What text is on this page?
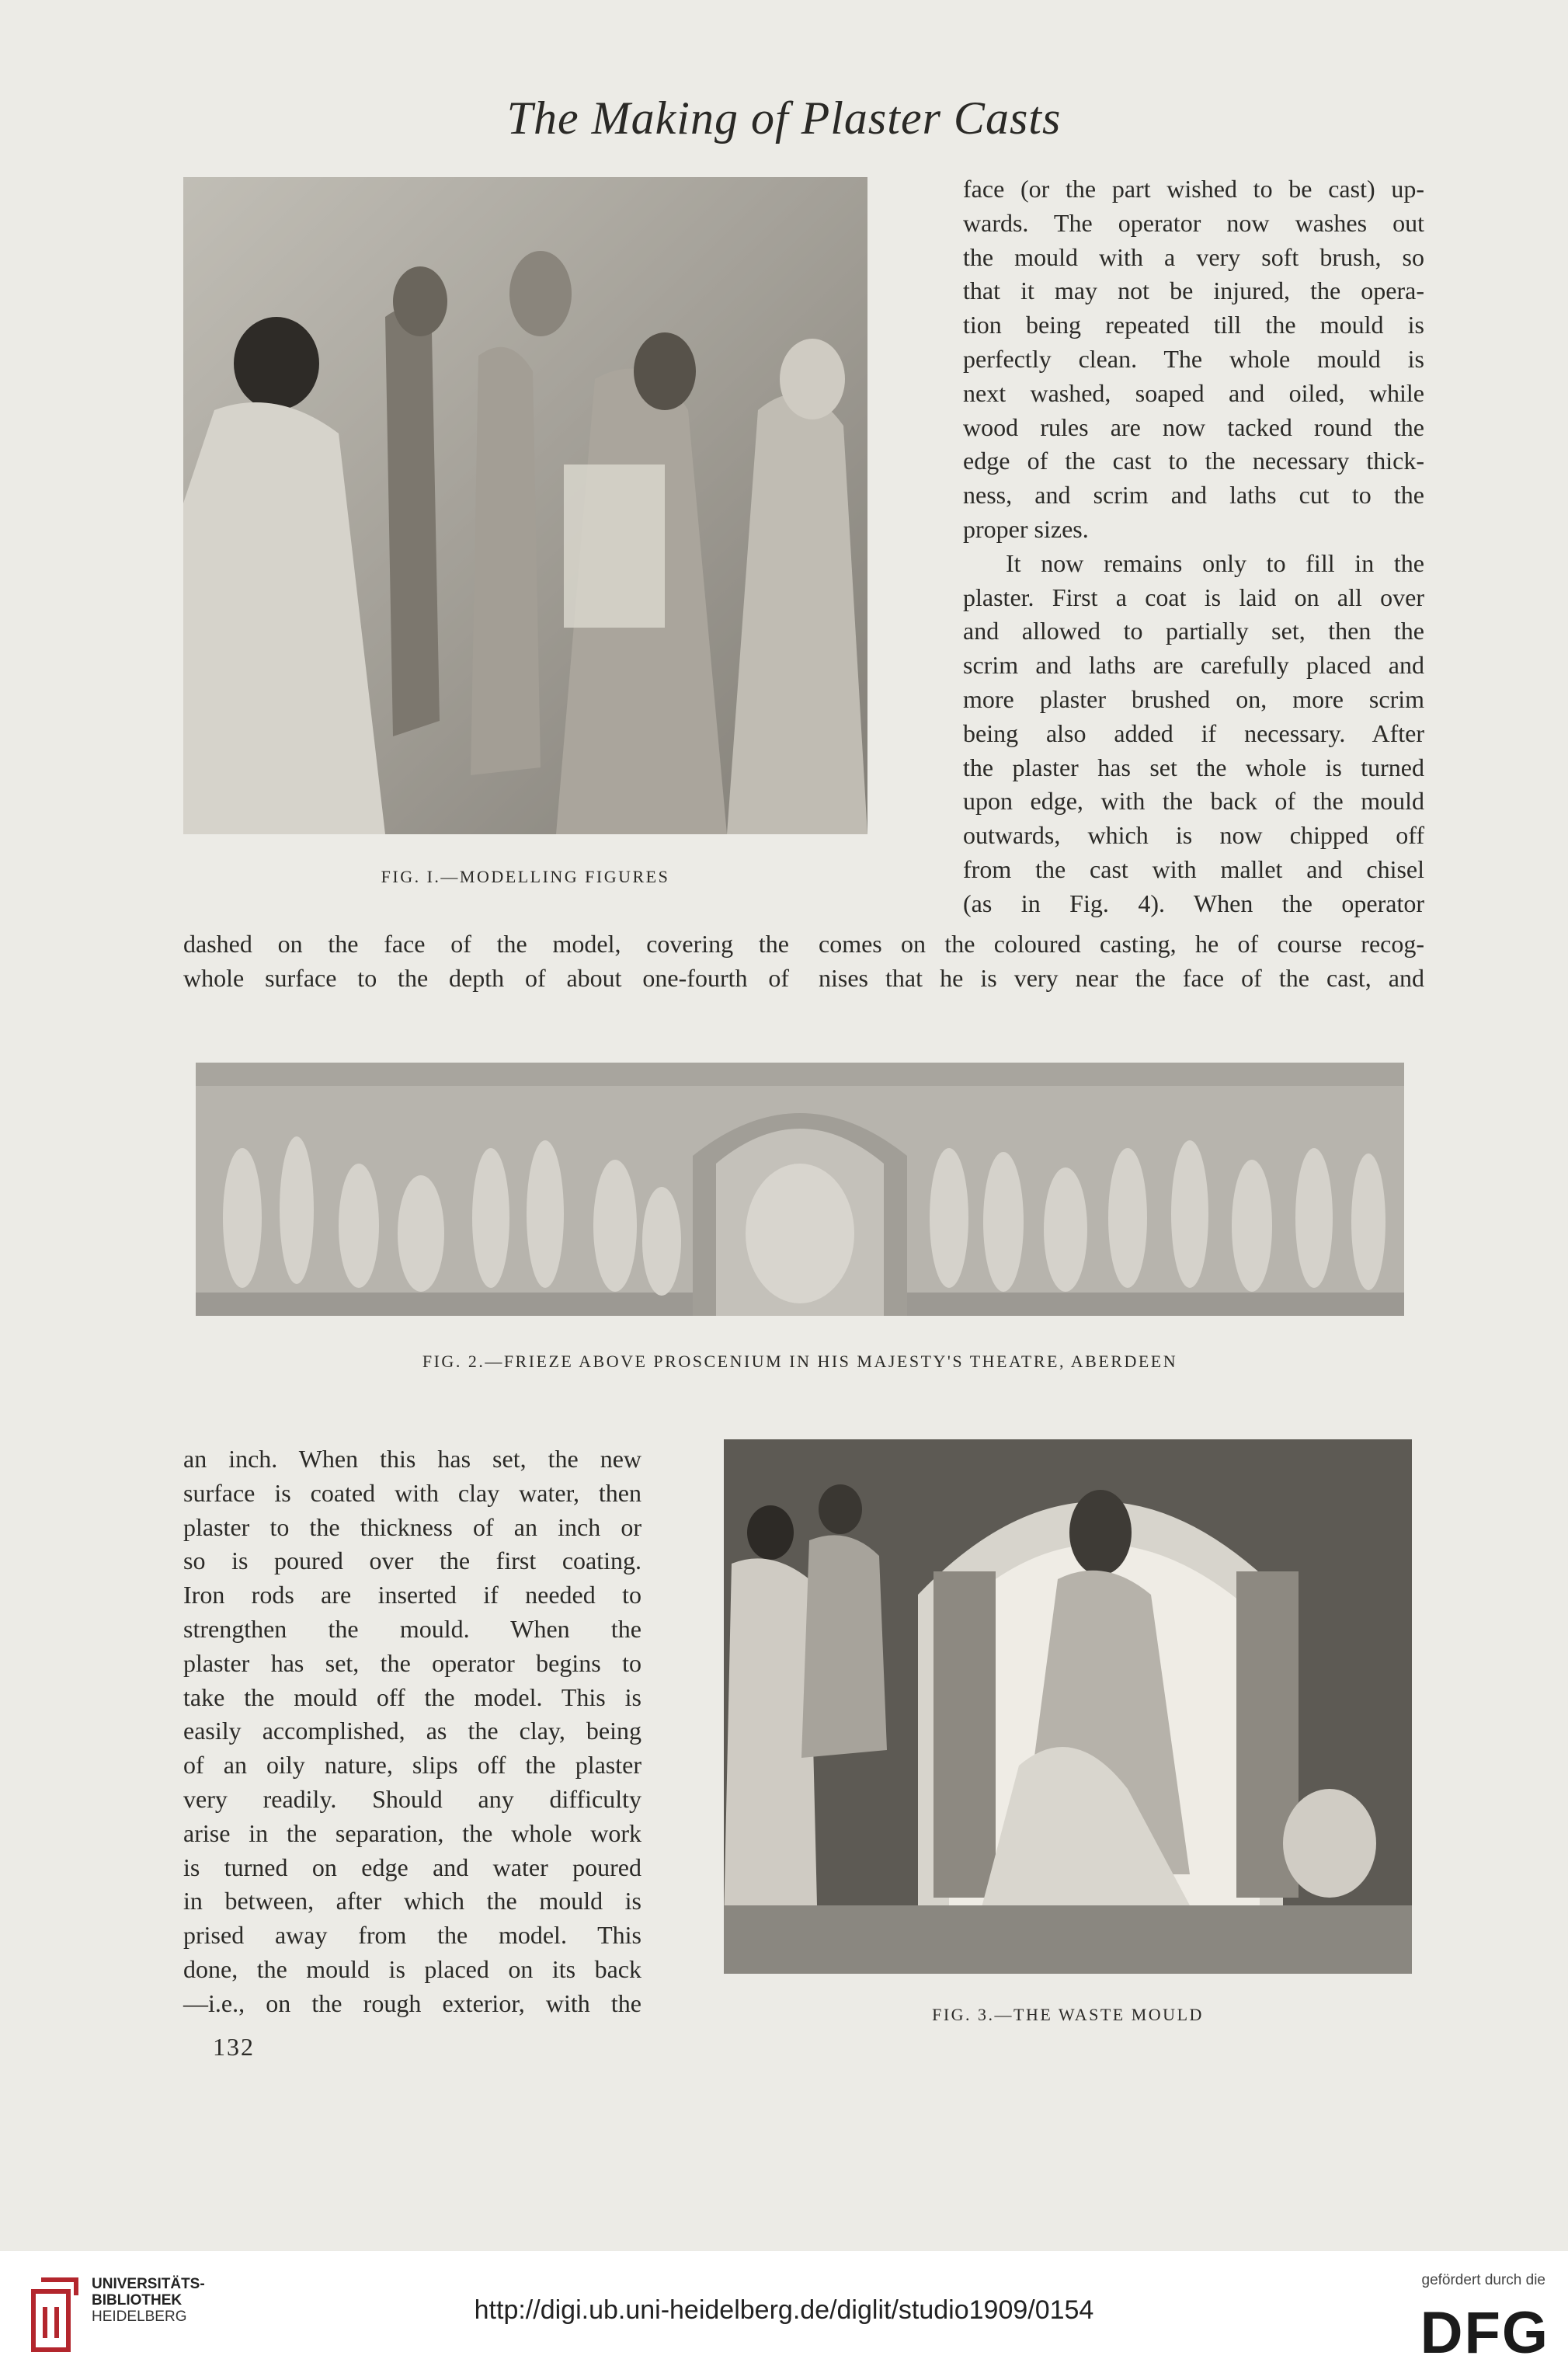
The Making of Plaster Casts
FIG. I.—MODELLING FIGURES

face (or the part wished to be cast) up-
wards. The operator now washes out
the mould with a very soft brush, so
that it may not be injured, the opera-
tion being repeated till the mould is
perfectly clean. The whole mould is
next washed, soaped and oiled, while
wood rules are now tacked round the
edge of the cast to the necessary thick-
ness, and scrim and laths cut to the
proper sizes.

It now remains only to fill in the
plaster. First a coat is laid on all over
and allowed to partially set, then the
scrim and laths are carefully placed and
more plaster brushed on, more scrim
being also added if necessary. After
the plaster has set the whole is turned
upon edge, with the back of the mould
outwards, which is now chipped off
from the cast with mallet and chisel
(as in Fig. 4). When the operator

dashed on the face of the model, covering the
whole surface to the depth of about one-fourth of
comes on the coloured casting, he of course recog-
nises that he is very near the face of the cast, and
FIG. 2.—FRIEZE ABOVE PROSCENIUM IN HIS MAJESTY'S THEATRE, ABERDEEN
an inch. When this has set, the new
surface is coated with clay water, then
plaster to the thickness of an inch or
so is poured over the first coating.
Iron rods are inserted if needed to
strengthen the mould. When the
plaster has set, the operator begins to
take the mould off the model. This is
easily accomplished, as the clay, being
of an oily nature, slips off the plaster
very readily. Should any difficulty
arise in the separation, the whole work
is turned on edge and water poured
in between, after which the mould is
prised away from the model. This
done, the mould is placed on its back
—i.e., on the rough exterior, with the	FIG. 3.—THE WASTE MOULD
132
UNIVERSITÄTS-
BIBLIOTHEK
HEIDELBERG	http://digi.ub.uni-heidelberg.de/diglit/studio1909/0154
gefördert durch die
DFG
